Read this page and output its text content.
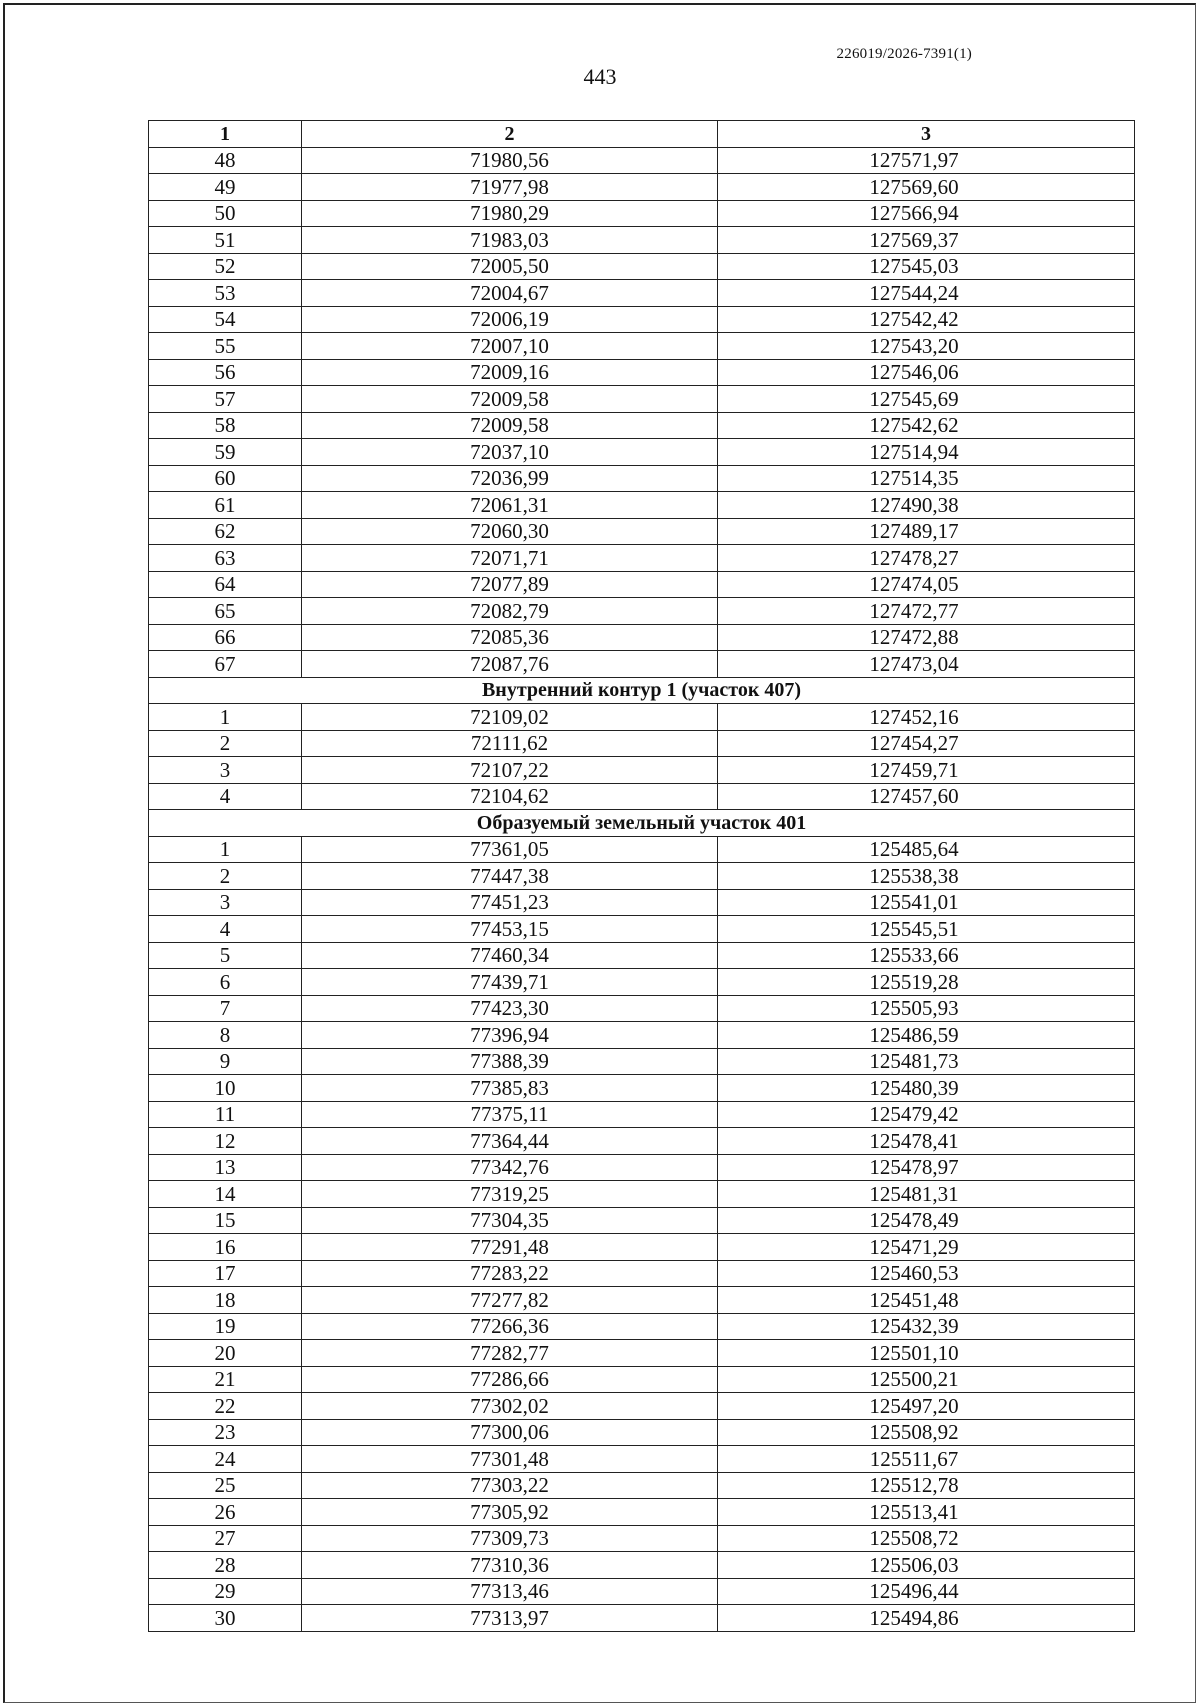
226019/2026-7391(1)
443
1	2	3
48	71980,56	127571,97
49	71977,98	127569,60
50	71980,29	127566,94
51	71983,03	127569,37
52	72005,50	127545,03
53	72004,67	127544,24
54	72006,19	127542,42
55	72007,10	127543,20
56	72009,16	127546,06
57	72009,58	127545,69
58	72009,58	127542,62
59	72037,10	127514,94
60	72036,99	127514,35
61	72061,31	127490,38
62	72060,30	127489,17
63	72071,71	127478,27
64	72077,89	127474,05
65	72082,79	127472,77
66	72085,36	127472,88
67	72087,76	127473,04
Внутренний контур 1 (участок 407)		
1	72109,02	127452,16
2	72111,62	127454,27
3	72107,22	127459,71
4	72104,62	127457,60
Образуемый земельный участок 401		
1	77361,05	125485,64
2	77447,38	125538,38
3	77451,23	125541,01
4	77453,15	125545,51
5	77460,34	125533,66
6	77439,71	125519,28
7	77423,30	125505,93
8	77396,94	125486,59
9	77388,39	125481,73
10	77385,83	125480,39
11	77375,11	125479,42
12	77364,44	125478,41
13	77342,76	125478,97
14	77319,25	125481,31
15	77304,35	125478,49
16	77291,48	125471,29
17	77283,22	125460,53
18	77277,82	125451,48
19	77266,36	125432,39
20	77282,77	125501,10
21	77286,66	125500,21
22	77302,02	125497,20
23	77300,06	125508,92
24	77301,48	125511,67
25	77303,22	125512,78
26	77305,92	125513,41
27	77309,73	125508,72
28	77310,36	125506,03
29	77313,46	125496,44
30	77313,97	125494,86
